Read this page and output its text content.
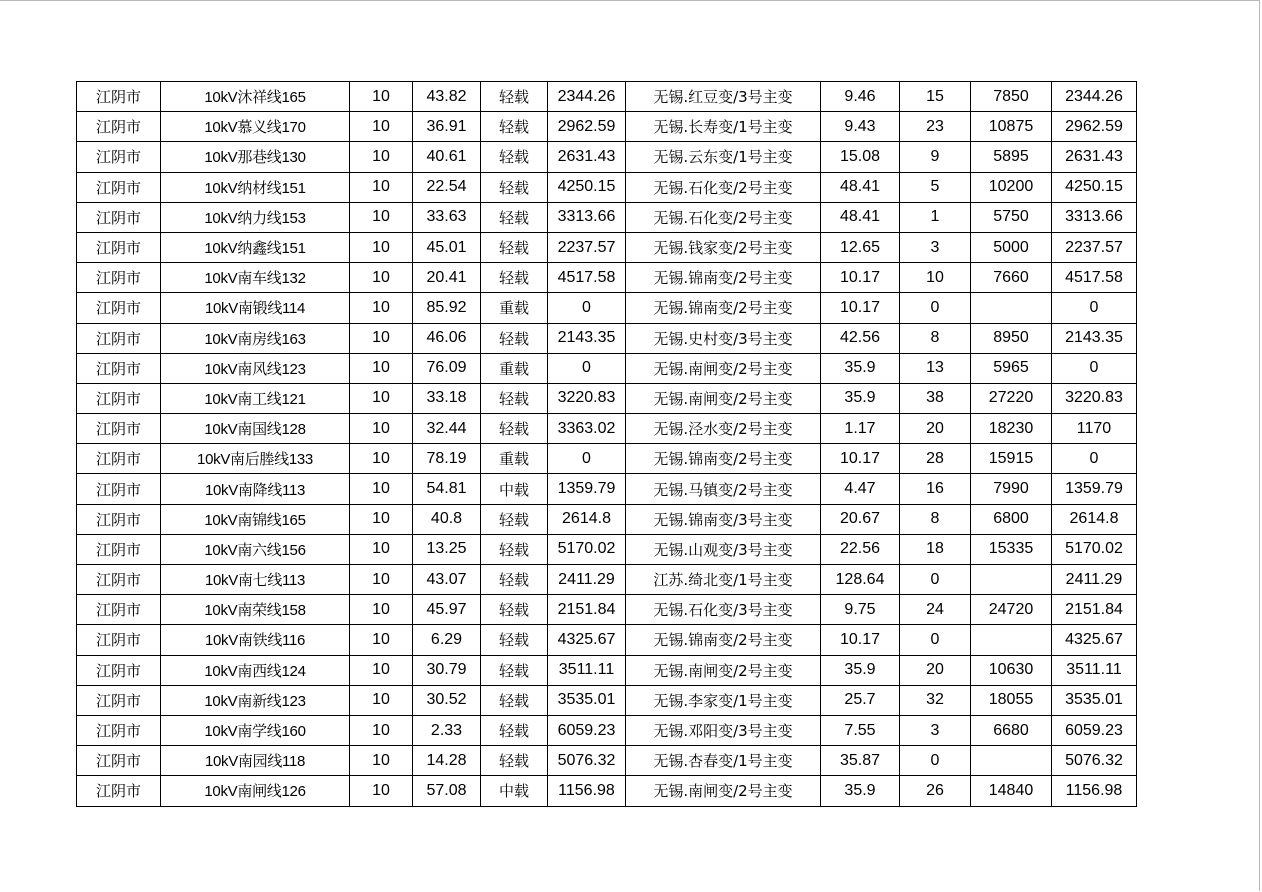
江阴市	10kV沐祥线165	10	43.82	轻载	2344.26	无锡.红豆变/3号主变	9.46	15	7850	2344.26
江阴市	10kV慕义线170	10	36.91	轻载	2962.59	无锡.长寿变/1号主变	9.43	23	10875	2962.59
江阴市	10kV那巷线130	10	40.61	轻载	2631.43	无锡.云东变/1号主变	15.08	9	5895	2631.43
江阴市	10kV纳材线151	10	22.54	轻载	4250.15	无锡.石化变/2号主变	48.41	5	10200	4250.15
江阴市	10kV纳力线153	10	33.63	轻载	3313.66	无锡.石化变/2号主变	48.41	1	5750	3313.66
江阴市	10kV纳鑫线151	10	45.01	轻载	2237.57	无锡.钱家变/2号主变	12.65	3	5000	2237.57
江阴市	10kV南车线132	10	20.41	轻载	4517.58	无锡.锦南变/2号主变	10.17	10	7660	4517.58
江阴市	10kV南锻线114	10	85.92	重载	0	无锡.锦南变/2号主变	10.17	0		0
江阴市	10kV南房线163	10	46.06	轻载	2143.35	无锡.史村变/3号主变	42.56	8	8950	2143.35
江阴市	10kV南风线123	10	76.09	重载	0	无锡.南闸变/2号主变	35.9	13	5965	0
江阴市	10kV南工线121	10	33.18	轻载	3220.83	无锡.南闸变/2号主变	35.9	38	27220	3220.83
江阴市	10kV南国线128	10	32.44	轻载	3363.02	无锡.泾水变/2号主变	1.17	20	18230	1170
江阴市	10kV南后塍线133	10	78.19	重载	0	无锡.锦南变/2号主变	10.17	28	15915	0
江阴市	10kV南降线113	10	54.81	中载	1359.79	无锡.马镇变/2号主变	4.47	16	7990	1359.79
江阴市	10kV南锦线165	10	40.8	轻载	2614.8	无锡.锦南变/3号主变	20.67	8	6800	2614.8
江阴市	10kV南六线156	10	13.25	轻载	5170.02	无锡.山观变/3号主变	22.56	18	15335	5170.02
江阴市	10kV南七线113	10	43.07	轻载	2411.29	江苏.绮北变/1号主变	128.64	0		2411.29
江阴市	10kV南荣线158	10	45.97	轻载	2151.84	无锡.石化变/3号主变	9.75	24	24720	2151.84
江阴市	10kV南铁线116	10	6.29	轻载	4325.67	无锡.锦南变/2号主变	10.17	0		4325.67
江阴市	10kV南西线124	10	30.79	轻载	3511.11	无锡.南闸变/2号主变	35.9	20	10630	3511.11
江阴市	10kV南新线123	10	30.52	轻载	3535.01	无锡.李家变/1号主变	25.7	32	18055	3535.01
江阴市	10kV南学线160	10	2.33	轻载	6059.23	无锡.邓阳变/3号主变	7.55	3	6680	6059.23
江阴市	10kV南园线118	10	14.28	轻载	5076.32	无锡.杏春变/1号主变	35.87	0		5076.32
江阴市	10kV南闸线126	10	57.08	中载	1156.98	无锡.南闸变/2号主变	35.9	26	14840	1156.98
